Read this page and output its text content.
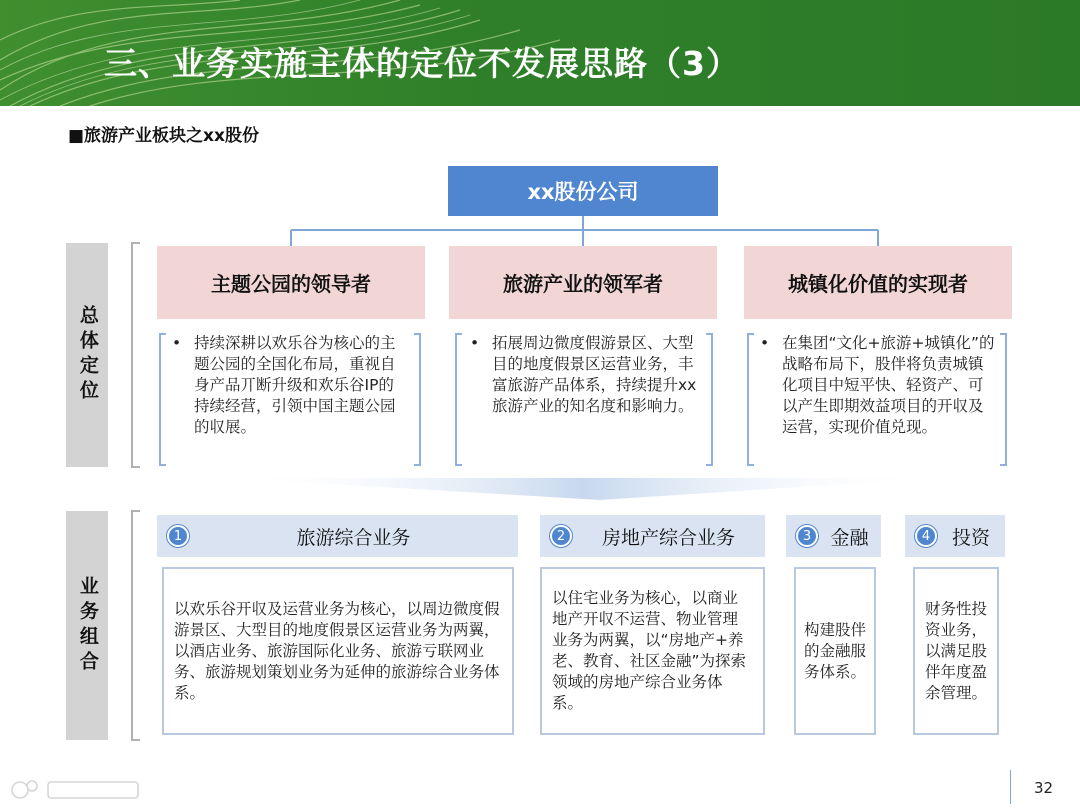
三、业务实施主体的定位不发展思路（3）
■旅游产业板块之xx股份
xx股份公司
总体定位
业务组合
主题公园的领导者	旅游产业的领军者	城镇化价值的实现者
• 持续深耕以欢乐谷为核心的主题公园的全国化布局，重视自身产品丌断升级和欢乐谷IP的持续经营，引领中国主题公园的収展。
• 拓展周边微度假游景区、大型目的地度假景区运营业务，丰富旅游产品体系，持续提升xx旅游产业的知名度和影响力。
• 在集团“文化+旅游+城镇化”的战略布局下，股伴将负责城镇化项目中短平快、轻资产、可以产生即期效益项目的开収及运营，实现价值兑现。
1	旅游综合业务	2	房地产综合业务	3	金融	4	投资
以欢乐谷开収及运营业务为核心，以周边微度假游景区、大型目的地度假景区运营业务为两翼，以酒店业务、旅游国际化业务、旅游亏联网业务、旅游规划策划业务为延伸的旅游综合业务体系。
以住宅业务为核心，以商业地产开収不运营、物业管理业务为两翼，以“房地产+养老、教育、社区金融”为探索领域的房地产综合业务体系。
构建股伴的金融服务体系。
财务性投资业务，以满足股伴年度盈余管理。
32
